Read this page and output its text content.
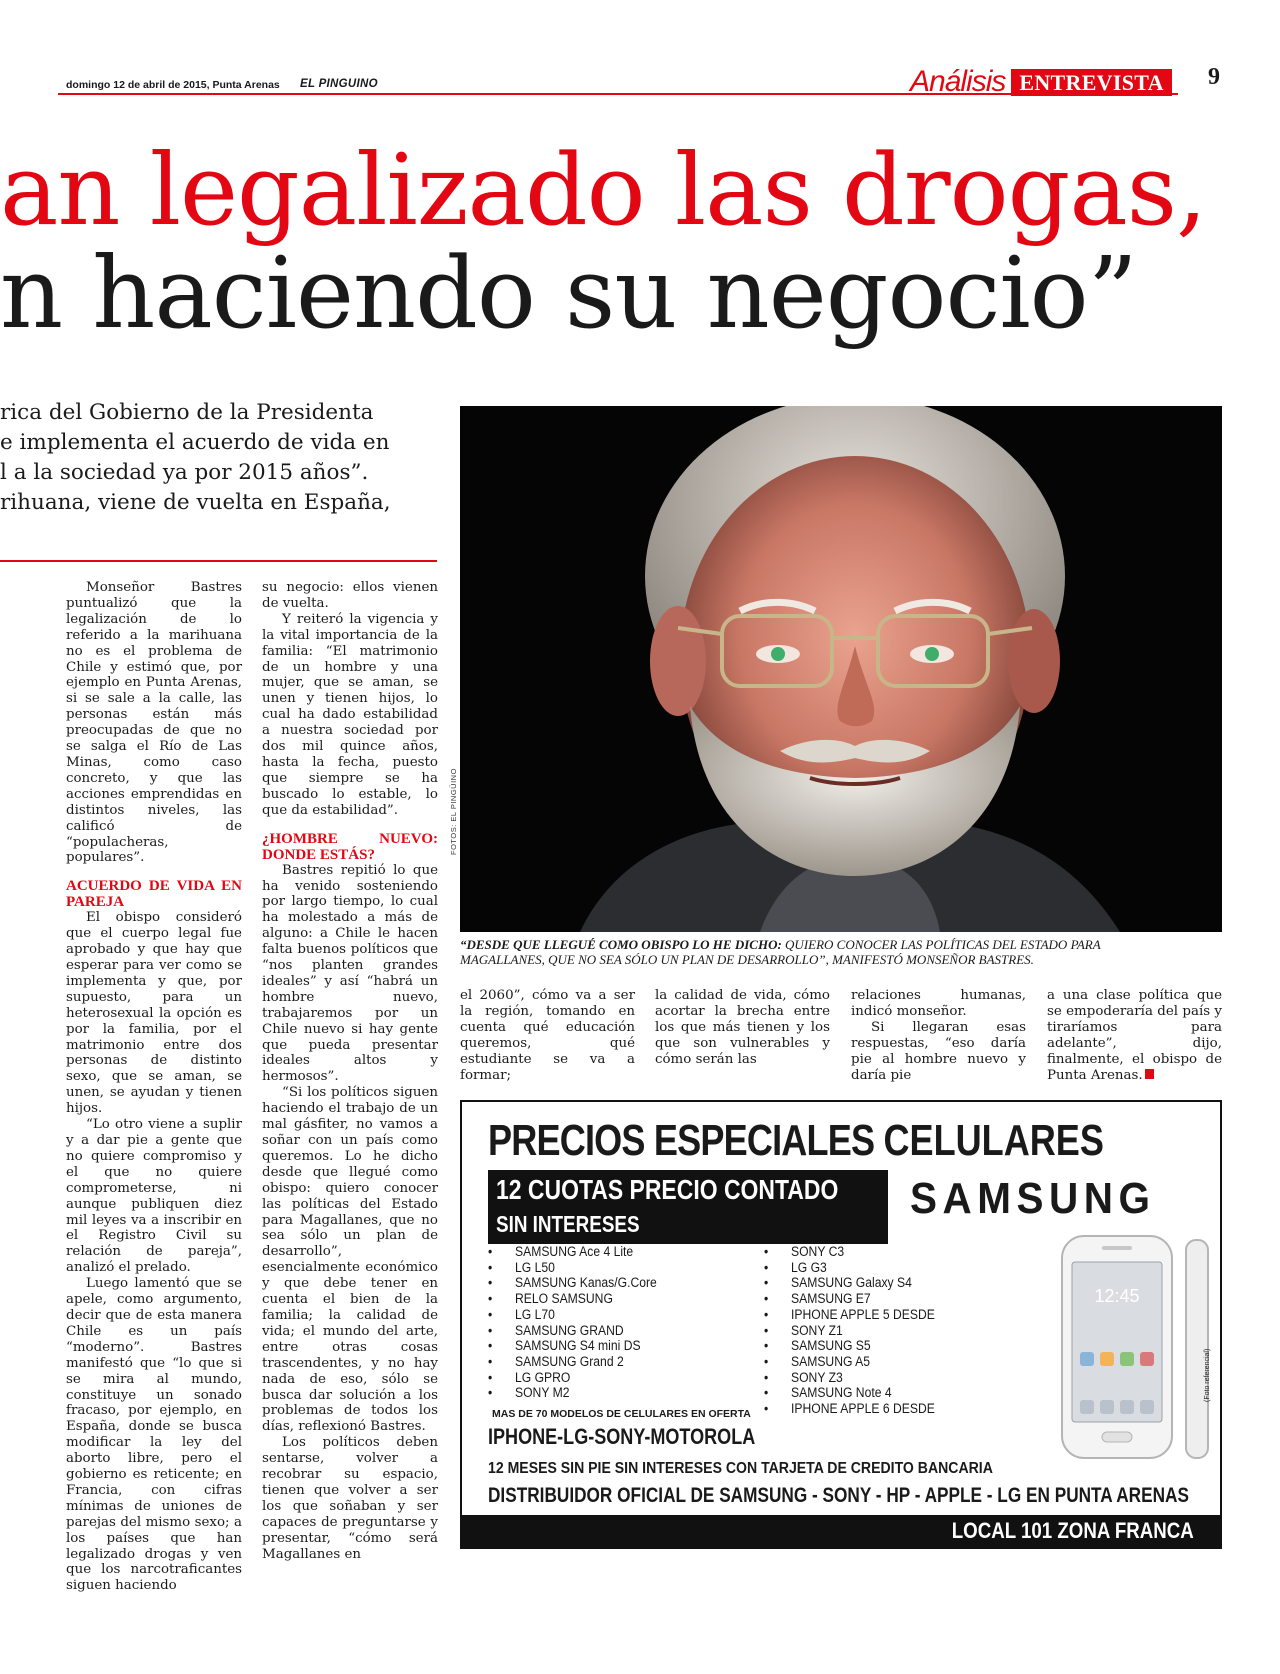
domingo 12 de abril de 2015, Punta Arenas EL PINGUINO	Análisis ENTREVISTA	9
an legalizado las drogas,
n haciendo su negocio”
rica del Gobierno de la Presidenta
e implementa el acuerdo de vida en
l a la sociedad ya por 2015 años”.
rihuana, viene de vuelta en España,
FOTOS: EL PINGÜINO
“DESDE QUE LLEGUÉ COMO OBISPO LO HE DICHO: QUIERO CONOCER LAS POLÍTICAS DEL ESTADO PARA MAGALLANES, QUE NO SEA SÓLO UN PLAN DE DESARROLLO”, MANIFESTÓ MONSEÑOR BASTRES.

Monseñor Bastres puntualizó que la legalización de lo referido a la marihuana no es el problema de Chile y estimó que, por ejemplo en Punta Arenas, si se sale a la calle, las personas están más preocupadas de que no se salga el Río de Las Minas, como caso concreto, y que las acciones emprendidas en distintos niveles, las calificó de “populacheras, populares”.

ACUERDO DE VIDA EN PAREJA

El obispo consideró que el cuerpo legal fue aprobado y que hay que esperar para ver como se implementa y que, por supuesto, para un heterosexual la opción es por la familia, por el matrimonio entre dos personas de distinto sexo, que se aman, se unen, se ayudan y tienen hijos.

“Lo otro viene a suplir y a dar pie a gente que no quiere compromiso y el que no quiere comprometerse, ni aunque publiquen diez mil leyes va a inscribir en el Registro Civil su relación de pareja”, analizó el prelado.

Luego lamentó que se apele, como argumento, decir que de esta manera Chile es un país “moderno”. Bastres manifestó que “lo que si se mira al mundo, constituye un sonado fracaso, por ejemplo, en España, donde se busca modificar la ley del aborto libre, pero el gobierno es reticente; en Francia, con cifras mínimas de uniones de parejas del mismo sexo; a los países que han legalizado drogas y ven que los narcotraficantes siguen haciendo

su negocio: ellos vienen de vuelta.

Y reiteró la vigencia y la vital importancia de la familia: “El matrimonio de un hombre y una mujer, que se aman, se unen y tienen hijos, lo cual ha dado estabilidad a nuestra sociedad por dos mil quince años, hasta la fecha, puesto que siempre se ha buscado lo estable, lo que da estabilidad”.

¿HOMBRE NUEVO: DONDE ESTÁS?

Bastres repitió lo que ha venido sosteniendo por largo tiempo, lo cual ha molestado a más de alguno: a Chile le hacen falta buenos políticos que “nos planten grandes ideales” y así “habrá un hombre nuevo, trabajaremos por un Chile nuevo si hay gente que pueda presentar ideales altos y hermosos”.

“Si los políticos siguen haciendo el trabajo de un mal gásfiter, no vamos a soñar con un país como queremos. Lo he dicho desde que llegué como obispo: quiero conocer las políticas del Estado para Magallanes, que no sea sólo un plan de desarrollo”, esencialmente económico y que debe tener en cuenta el bien de la familia; la calidad de vida; el mundo del arte, entre otras cosas trascendentes, y no hay nada de eso, sólo se busca dar solución a los problemas de todos los días, reflexionó Bastres.

Los políticos deben sentarse, volver a recobrar su espacio, tienen que volver a ser los que soñaban y ser capaces de preguntarse y presentar, “cómo será Magallanes en

el 2060”, cómo va a ser la región, tomando en cuenta qué educación queremos, qué estudiante se va a formar;

la calidad de vida, cómo acortar la brecha entre los que más tienen y los que son vulnerables y cómo serán las

relaciones humanas, indicó monseñor.

Si llegaran esas respuestas, “eso daría pie al hombre nuevo y daría pie

a una clase política que se empoderaría del país y tiraríamos para adelante”, dijo, finalmente, el obispo de Punta Arenas.

PRECIOS ESPECIALES CELULARES
12 CUOTAS PRECIO CONTADO
SIN INTERESES
SAMSUNG
• SAMSUNG Ace 4 Lite
• LG L50
• SAMSUNG Kanas/G.Core
• RELO SAMSUNG
• LG L70
• SAMSUNG GRAND
• SAMSUNG S4 mini DS
• SAMSUNG Grand 2
• LG GPRO
• SONY M2
• SONY C3
• LG G3
• SAMSUNG Galaxy S4
• SAMSUNG E7
• IPHONE APPLE 5 DESDE
• SONY Z1
• SAMSUNG S5
• SAMSUNG A5
• SONY Z3
• SAMSUNG Note 4
• IPHONE APPLE 6 DESDE
12:45
(Foto referencial)
MAS DE 70 MODELOS DE CELULARES EN OFERTA
IPHONE-LG-SONY-MOTOROLA
12 MESES SIN PIE SIN INTERESES CON TARJETA DE CREDITO BANCARIA
DISTRIBUIDOR OFICIAL DE SAMSUNG - SONY - HP - APPLE - LG EN PUNTA ARENAS
LOCAL 101 ZONA FRANCA
